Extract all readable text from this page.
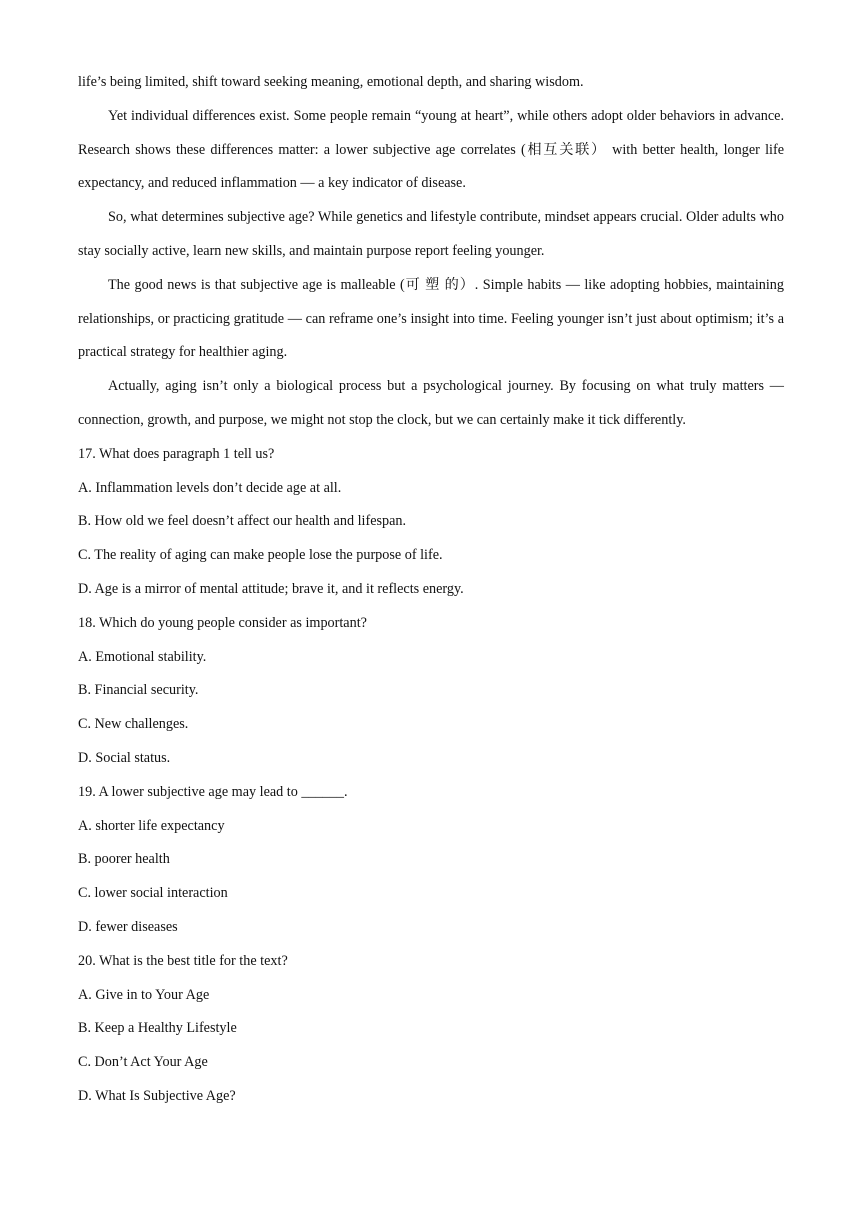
life’s being limited, shift toward seeking meaning, emotional depth, and sharing wisdom.

Yet individual differences exist. Some people remain “young at heart”, while others adopt older behaviors in advance. Research shows these differences matter: a lower subjective age correlates (相互关联） with better health, longer life expectancy, and reduced inflammation — a key indicator of disease.

So, what determines subjective age? While genetics and lifestyle contribute, mindset appears crucial. Older adults who stay socially active, learn new skills, and maintain purpose report feeling younger.

The good news is that subjective age is malleable (可 塑 的）. Simple habits — like adopting hobbies, maintaining relationships, or practicing gratitude — can reframe one’s insight into time. Feeling younger isn’t just about optimism; it’s a practical strategy for healthier aging.

Actually, aging isn’t only a biological process but a psychological journey. By focusing on what truly matters — connection, growth, and purpose, we might not stop the clock, but we can certainly make it tick differently.

17. What does paragraph 1 tell us?

A. Inflammation levels don’t decide age at all.

B. How old we feel doesn’t affect our health and lifespan.

C. The reality of aging can make people lose the purpose of life.

D. Age is a mirror of mental attitude; brave it, and it reflects energy.

18. Which do young people consider as important?

A. Emotional stability.

B. Financial security.

C. New challenges.

D. Social status.

19. A lower subjective age may lead to ______.

A. shorter life expectancy

B. poorer health

C. lower social interaction

D. fewer diseases

20. What is the best title for the text?

A. Give in to Your Age

B. Keep a Healthy Lifestyle

C. Don’t Act Your Age

D. What Is Subjective Age?
